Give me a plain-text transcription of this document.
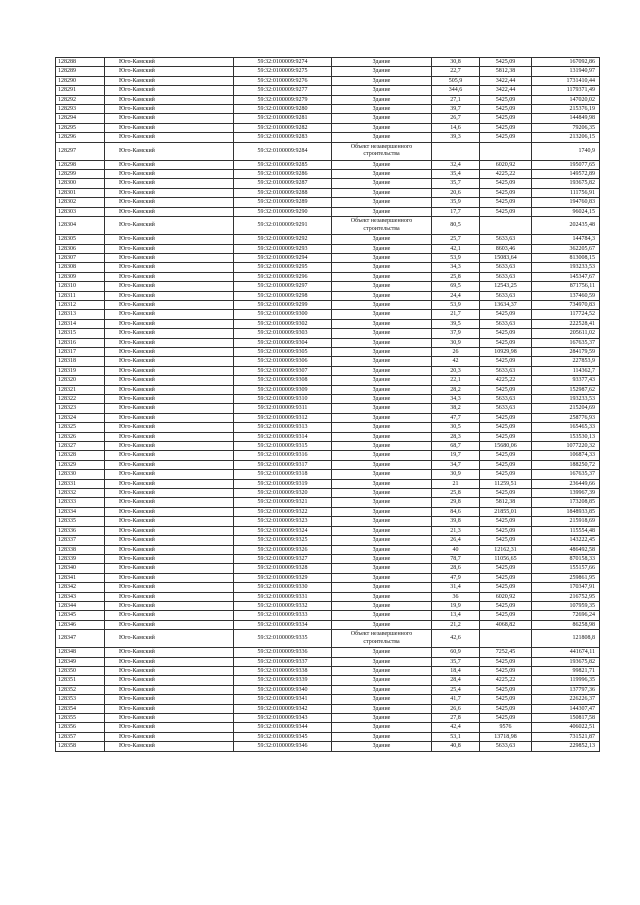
128288	Юго-Камский	59:32:0100009:9274	Здание	30,8	5425,09	167092,86
128289	Юго-Камский	59:32:0100009:9275	Здание	22,7	5812,38	131940,97
128290	Юго-Камский	59:32:0100009:9276	Здание	505,9	3422,44	1731410,44
128291	Юго-Камский	59:32:0100009:9277	Здание	344,6	3422,44	1179371,49
128292	Юго-Камский	59:32:0100009:9279	Здание	27,1	5425,09	147020,02
128293	Юго-Камский	59:32:0100009:9280	Здание	39,7	5425,09	215376,19
128294	Юго-Камский	59:32:0100009:9281	Здание	26,7	5425,09	144849,98
128295	Юго-Камский	59:32:0100009:9282	Здание	14,6	5425,09	79206,35
128296	Юго-Камский	59:32:0100009:9283	Здание	39,3	5425,09	213206,15
128297	Юго-Камский	59:32:0100009:9284	Объект незавершенного строительства			1740,9
128298	Юго-Камский	59:32:0100009:9285	Здание	32,4	6020,92	195077,65
128299	Юго-Камский	59:32:0100009:9286	Здание	35,4	4225,22	149572,89
128300	Юго-Камский	59:32:0100009:9287	Здание	35,7	5425,09	193675,82
128301	Юго-Камский	59:32:0100009:9288	Здание	20,6	5425,09	111756,91
128302	Юго-Камский	59:32:0100009:9289	Здание	35,9	5425,09	194760,83
128303	Юго-Камский	59:32:0100009:9290	Здание	17,7	5425,09	96024,15
128304	Юго-Камский	59:32:0100009:9291	Объект незавершенного строительства	80,5		202435,48
128305	Юго-Камский	59:32:0100009:9292	Здание	25,7	5633,63	144784,3
128306	Юго-Камский	59:32:0100009:9293	Здание	42,1	8603,46	362205,67
128307	Юго-Камский	59:32:0100009:9294	Здание	53,9	15083,64	813008,15
128308	Юго-Камский	59:32:0100009:9295	Здание	34,3	5633,63	193233,53
128309	Юго-Камский	59:32:0100009:9296	Здание	25,8	5633,63	145347,67
128310	Юго-Камский	59:32:0100009:9297	Здание	69,5	12543,25	871756,11
128311	Юго-Камский	59:32:0100009:9298	Здание	24,4	5633,63	137460,59
128312	Юго-Камский	59:32:0100009:9299	Здание	53,9	13634,37	734970,83
128313	Юго-Камский	59:32:0100009:9300	Здание	21,7	5425,09	117724,52
128314	Юго-Камский	59:32:0100009:9302	Здание	39,5	5633,63	222528,41
128315	Юго-Камский	59:32:0100009:9303	Здание	37,9	5425,09	205611,02
128316	Юго-Камский	59:32:0100009:9304	Здание	30,9	5425,09	167635,37
128317	Юго-Камский	59:32:0100009:9305	Здание	26	10929,98	284179,59
128318	Юго-Камский	59:32:0100009:9306	Здание	42	5425,09	227853,9
128319	Юго-Камский	59:32:0100009:9307	Здание	20,3	5633,63	114362,7
128320	Юго-Камский	59:32:0100009:9308	Здание	22,1	4225,22	93377,43
128321	Юго-Камский	59:32:0100009:9309	Здание	28,2	5425,09	152987,62
128322	Юго-Камский	59:32:0100009:9310	Здание	34,3	5633,63	193233,53
128323	Юго-Камский	59:32:0100009:9311	Здание	38,2	5633,63	215204,69
128324	Юго-Камский	59:32:0100009:9312	Здание	47,7	5425,09	258776,93
128325	Юго-Камский	59:32:0100009:9313	Здание	30,5	5425,09	165465,33
128326	Юго-Камский	59:32:0100009:9314	Здание	28,3	5425,09	153530,13
128327	Юго-Камский	59:32:0100009:9315	Здание	68,7	15680,06	1077220,32
128328	Юго-Камский	59:32:0100009:9316	Здание	19,7	5425,09	106874,33
128329	Юго-Камский	59:32:0100009:9317	Здание	34,7	5425,09	188250,72
128330	Юго-Камский	59:32:0100009:9318	Здание	30,9	5425,09	167635,37
128331	Юго-Камский	59:32:0100009:9319	Здание	21	11259,51	236449,66
128332	Юго-Камский	59:32:0100009:9320	Здание	25,8	5425,09	139967,39
128333	Юго-Камский	59:32:0100009:9321	Здание	29,8	5812,38	173208,85
128334	Юго-Камский	59:32:0100009:9322	Здание	84,6	21855,01	1848933,85
128335	Юго-Камский	59:32:0100009:9323	Здание	39,8	5425,09	215918,69
128336	Юго-Камский	59:32:0100009:9324	Здание	21,3	5425,09	115554,48
128337	Юго-Камский	59:32:0100009:9325	Здание	26,4	5425,09	143222,45
128338	Юго-Камский	59:32:0100009:9326	Здание	40	12162,31	486492,58
128339	Юго-Камский	59:32:0100009:9327	Здание	78,7	11056,65	870158,33
128340	Юго-Камский	59:32:0100009:9328	Здание	28,6	5425,09	155157,66
128341	Юго-Камский	59:32:0100009:9329	Здание	47,9	5425,09	259861,95
128342	Юго-Камский	59:32:0100009:9330	Здание	31,4	5425,09	170347,91
128343	Юго-Камский	59:32:0100009:9331	Здание	36	6020,92	216752,95
128344	Юго-Камский	59:32:0100009:9332	Здание	19,9	5425,09	107959,35
128345	Юго-Камский	59:32:0100009:9333	Здание	13,4	5425,09	72696,24
128346	Юго-Камский	59:32:0100009:9334	Здание	21,2	4068,82	86258,98
128347	Юго-Камский	59:32:0100009:9335	Объект незавершенного строительства	42,6		121808,8
128348	Юго-Камский	59:32:0100009:9336	Здание	60,9	7252,45	441674,11
128349	Юго-Камский	59:32:0100009:9337	Здание	35,7	5425,09	193675,82
128350	Юго-Камский	59:32:0100009:9338	Здание	18,4	5425,09	99821,71
128351	Юго-Камский	59:32:0100009:9339	Здание	28,4	4225,22	119996,35
128352	Юго-Камский	59:32:0100009:9340	Здание	25,4	5425,09	137797,36
128353	Юго-Камский	59:32:0100009:9341	Здание	41,7	5425,09	226226,37
128354	Юго-Камский	59:32:0100009:9342	Здание	26,6	5425,09	144307,47
128355	Юго-Камский	59:32:0100009:9343	Здание	27,8	5425,09	150817,58
128356	Юго-Камский	59:32:0100009:9344	Здание	42,4	9576	406022,51
128357	Юго-Камский	59:32:0100009:9345	Здание	53,1	13718,98	731521,87
128358	Юго-Камский	59:32:0100009:9346	Здание	40,8	5633,63	229852,13
